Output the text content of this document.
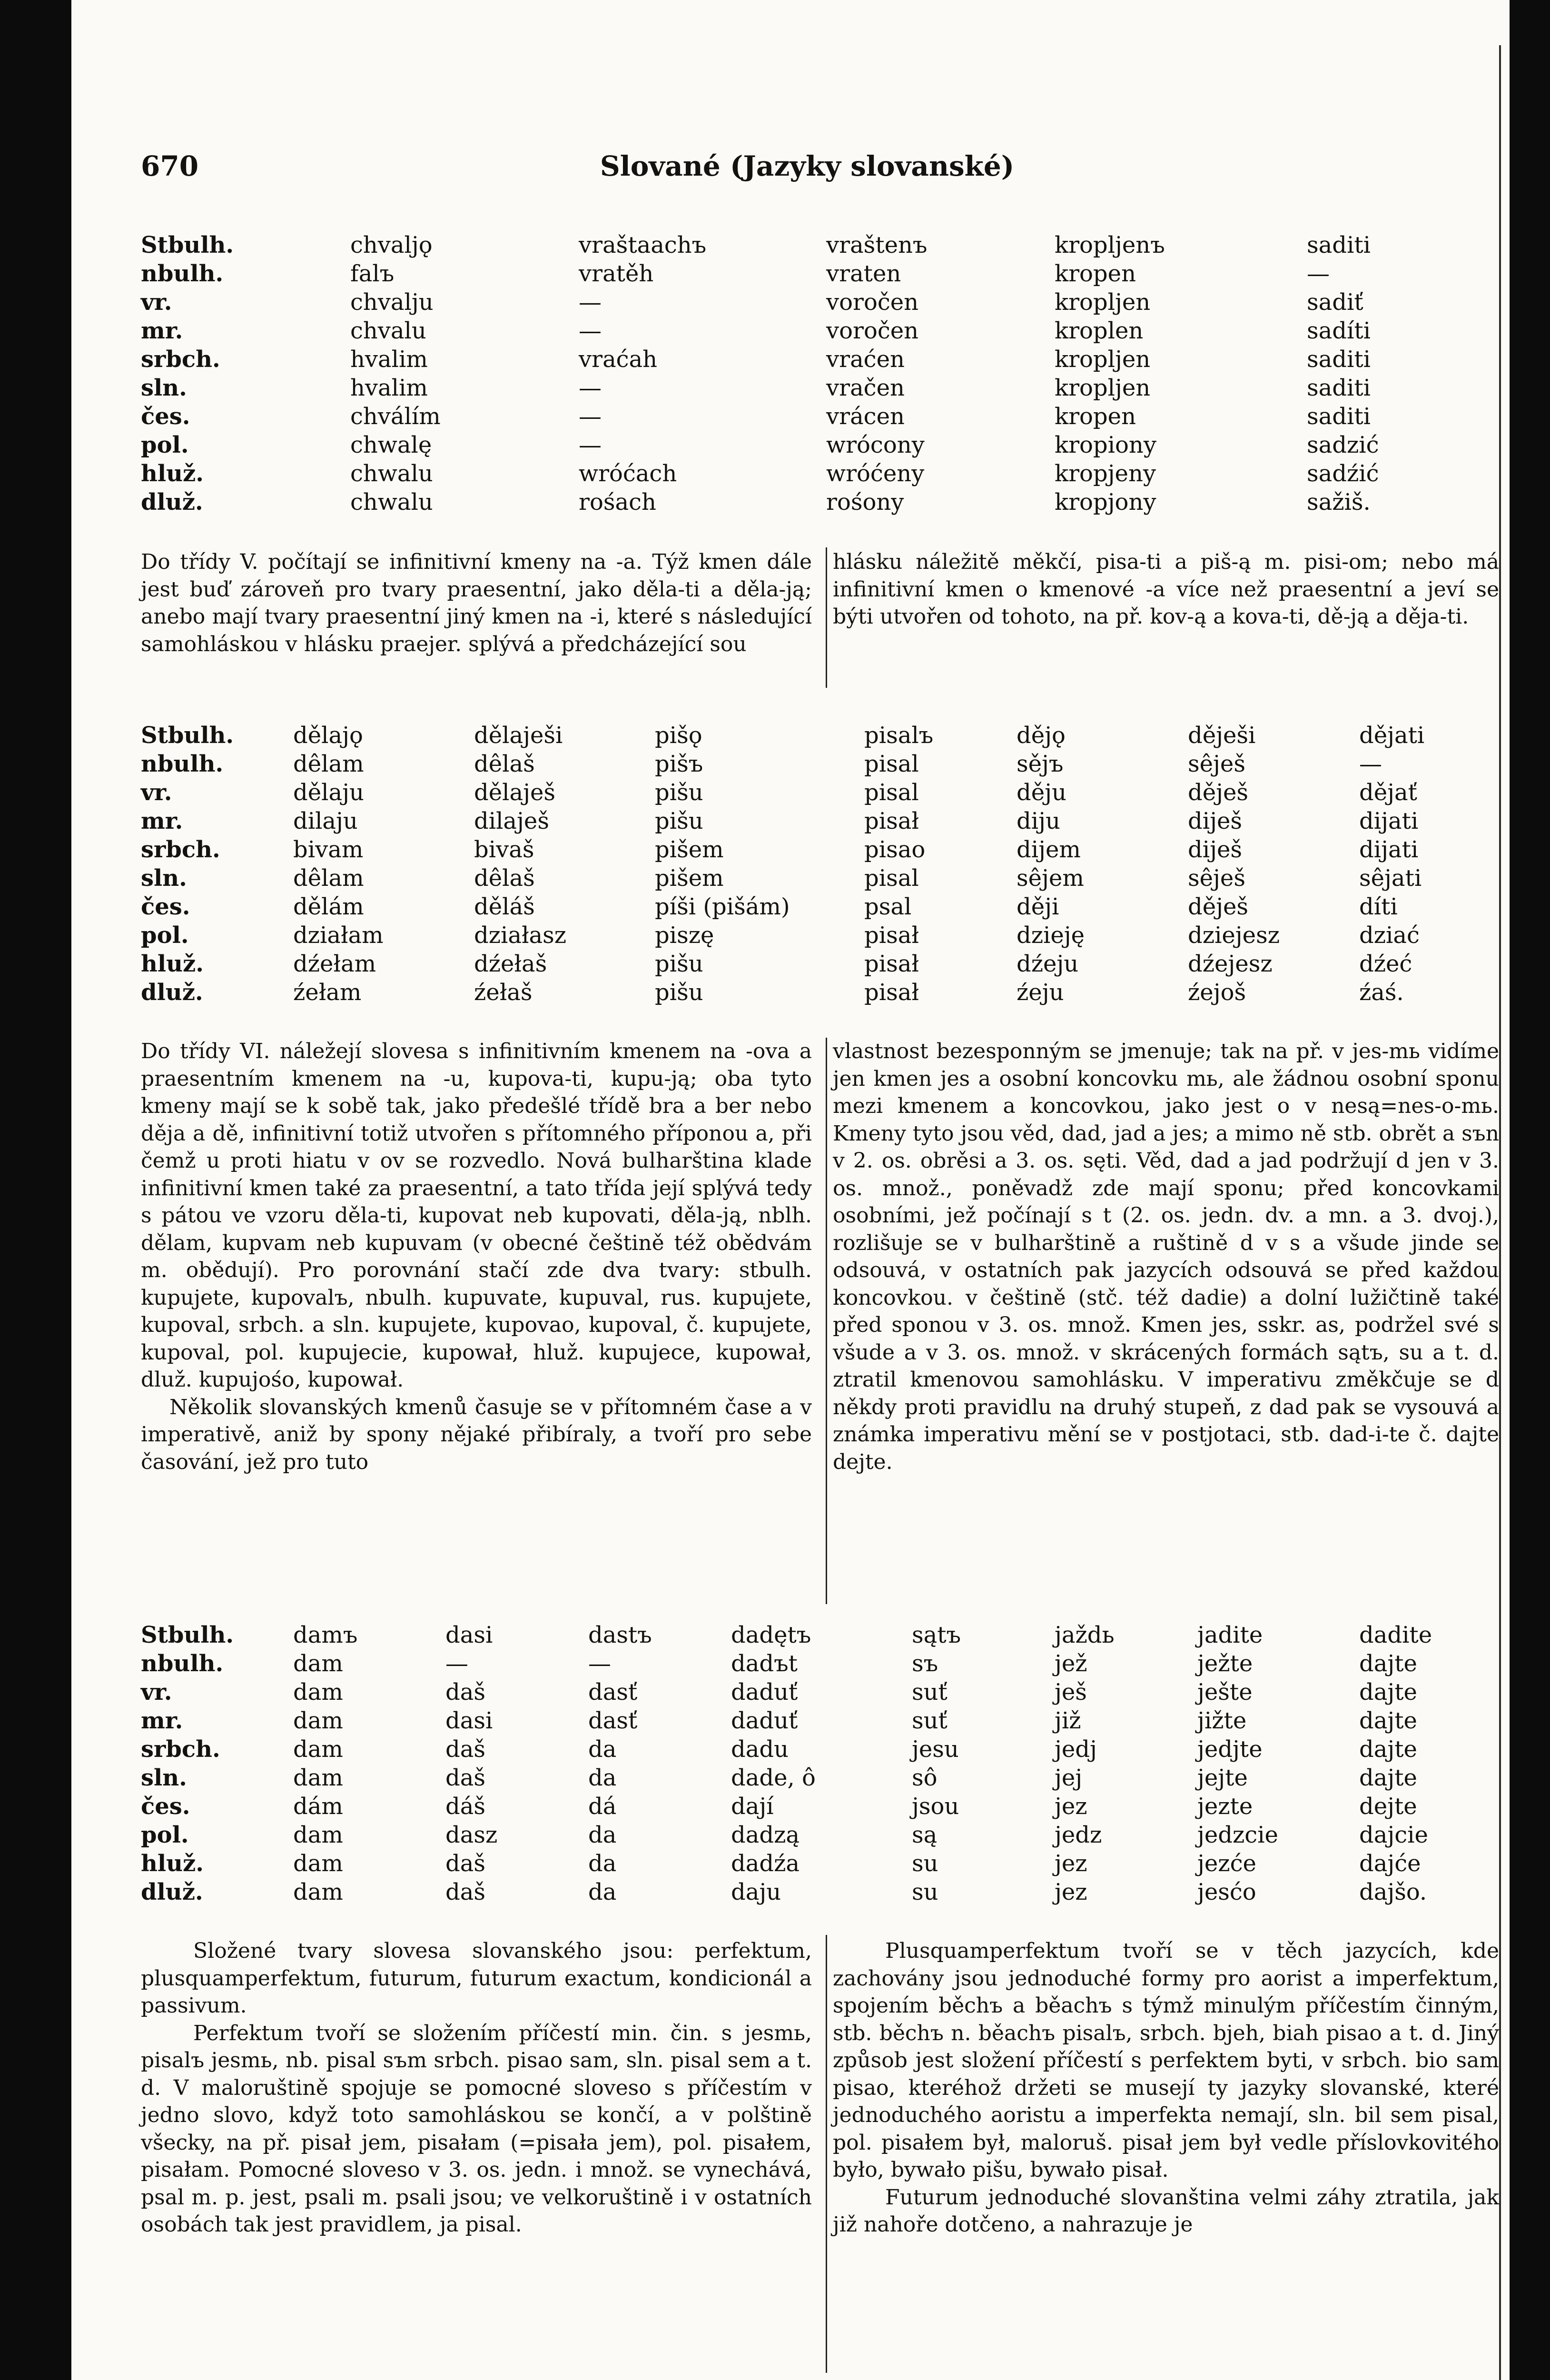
670	Slované (Jazyky slovanské)
Stbulh.	chvaljǫ	vraštaachъ	vraštenъ	kropljenъ	saditi
nbulh.	falъ	vratěh	vraten	kropen	—
vr.	chvalju	—	voročen	kropljen	sadiť
mr.	chvalu	—	voročen	kroplen	sadíti
srbch.	hvalim	vraćah	vraćen	kropljen	saditi
sln.	hvalim	—	vračen	kropljen	saditi
čes.	chválím	—	vrácen	kropen	saditi
pol.	chwalę	—	wrócony	kropiony	sadzić
hluž.	chwalu	wróćach	wróćeny	kropjeny	sadźić
dluž.	chwalu	rośach	rośony	kropjony	sažiš.
Do třídy V. počítají se infinitivní kmeny na -a. Týž kmen dále jest buď zároveň pro tvary praesentní, jako děla-ti a děla-ją; anebo mají tvary praesentní jiný kmen na -i, které s následující samohláskou v hlásku praejer. splývá a předcházející sou
hlásku náležitě měkčí, pisa-ti a piš-ą m. pisi-om; nebo má infinitivní kmen o kmenové -a více než praesentní a jeví se býti utvořen od tohoto, na př. kov-ą a kova-ti, dě-ją a děja-ti.
Stbulh.	dělajǫ	dělaješi	pišǫ	pisalъ	dějǫ	děješi	dějati
nbulh.	dêlam	dêlaš	pišъ	pisal	sějъ	sêješ	—
vr.	dělaju	dělaješ	pišu	pisal	děju	děješ	dějať
mr.	dilaju	dilaješ	pišu	pisał	diju	diješ	dijati
srbch.	bivam	bivaš	pišem	pisao	dijem	diješ	dijati
sln.	dêlam	dêlaš	pišem	pisal	sêjem	sêješ	sêjati
čes.	dělám	děláš	píši (pišám)	psal	ději	děješ	díti
pol.	działam	działasz	piszę	pisał	dzieję	dziejesz	dziać
hluž.	dźełam	dźełaš	pišu	pisał	dźeju	dźejesz	dźeć
dluž.	źełam	źełaš	pišu	pisał	źeju	źejoš	źaś.
Do třídy VI. náležejí slovesa s infinitivním kmenem na -ova a praesentním kmenem na -u, kupova-ti, kupu-ją; oba tyto kmeny mají se k sobě tak, jako předešlé třídě bra a ber nebo děja a dě, infinitivní totiž utvořen s přítomného příponou a, při čemž u proti hiatu v ov se rozvedlo. Nová bulharština klade infinitivní kmen také za praesentní, a tato třída její splývá tedy s pátou ve vzoru děla-ti, kupovat neb kupovati, děla-ją, nblh. dělam, kupvam neb kupuvam (v obecné češtině též obědvám m. obědují). Pro porovnání stačí zde dva tvary: stbulh. kupujete, kupovalъ, nbulh. kupuvate, kupuval, rus. kupujete, kupoval, srbch. a sln. kupujete, kupovao, kupoval, č. kupujete, kupoval, pol. kupujecie, kupował, hluž. kupujece, kupował, dluž. kupujośo, kupował.
Několik slovanských kmenů časuje se v přítomném čase a v imperativě, aniž by spony nějaké přibíraly, a tvoří pro sebe časování, jež pro tuto
vlastnost bezesponným se jmenuje; tak na př. v jes-mь vidíme jen kmen jes a osobní koncovku mь, ale žádnou osobní sponu mezi kmenem a koncovkou, jako jest o v nesą=nes-o-mь. Kmeny tyto jsou věd, dad, jad a jes; a mimo ně stb. obrět a sъn v 2. os. obrěsi a 3. os. sęti. Věd, dad a jad podržují d jen v 3. os. množ., poněvadž zde mají sponu; před koncovkami osobními, jež počínají s t (2. os. jedn. dv. a mn. a 3. dvoj.), rozlišuje se v bulharštině a ruštině d v s a všude jinde se odsouvá, v ostatních pak jazycích odsouvá se před každou koncovkou. v češtině (stč. též dadie) a dolní lužičtině také před sponou v 3. os. množ. Kmen jes, sskr. as, podržel své s všude a v 3. os. množ. v skrácených formách sątъ, su a t. d. ztratil kmenovou samohlásku. V imperativu změkčuje se d někdy proti pravidlu na druhý stupeň, z dad pak se vysouvá a známka imperativu mění se v postjotaci, stb. dad-i-te č. dajte dejte.
Stbulh.	damъ	dasi	dastъ	dadętъ	sątъ	jaždь	jadite	dadite
nbulh.	dam	—	—	dadъt	sъ	jež	ježte	dajte
vr.	dam	daš	dasť	daduť	suť	ješ	ješte	dajte
mr.	dam	dasi	dasť	daduť	suť	již	jižte	dajte
srbch.	dam	daš	da	dadu	jesu	jedj	jedjte	dajte
sln.	dam	daš	da	dade, ô	sô	jej	jejte	dajte
čes.	dám	dáš	dá	dají	jsou	jez	jezte	dejte
pol.	dam	dasz	da	dadzą	są	jedz	jedzcie	dajcie
hluž.	dam	daš	da	dadźa	su	jez	jezće	dajće
dluž.	dam	daš	da	daju	su	jez	jesćo	dajšo.
Složené tvary slovesa slovanského jsou: perfektum, plusquamperfektum, futurum, futurum exactum, kondicionál a passivum.
Perfektum tvoří se složením příčestí min. čin. s jesmь, pisalъ jesmь, nb. pisal sъm srbch. pisao sam, sln. pisal sem a t. d. V maloruštině spojuje se pomocné sloveso s příčestím v jedno slovo, když toto samohláskou se končí, a v polštině všecky, na př. pisał jem, pisałam (=pisała jem), pol. pisałem, pisałam. Pomocné sloveso v 3. os. jedn. i množ. se vynechává, psal m. p. jest, psali m. psali jsou; ve velkoruštině i v ostatních osobách tak jest pravidlem, ja pisal.
Plusquamperfektum tvoří se v těch jazycích, kde zachovány jsou jednoduché formy pro aorist a imperfektum, spojením běchъ a běachъ s týmž minulým příčestím činným, stb. běchъ n. běachъ pisalъ, srbch. bjeh, biah pisao a t. d. Jiný způsob jest složení příčestí s perfektem byti, v srbch. bio sam pisao, kteréhož držeti se musejí ty jazyky slovanské, které jednoduchého aoristu a imperfekta nemají, sln. bil sem pisal, pol. pisałem był, maloruš. pisał jem był vedle příslovkovitého było, bywało pišu, bywało pisał.
Futurum jednoduché slovanština velmi záhy ztratila, jak již nahoře dotčeno, a nahrazuje je
